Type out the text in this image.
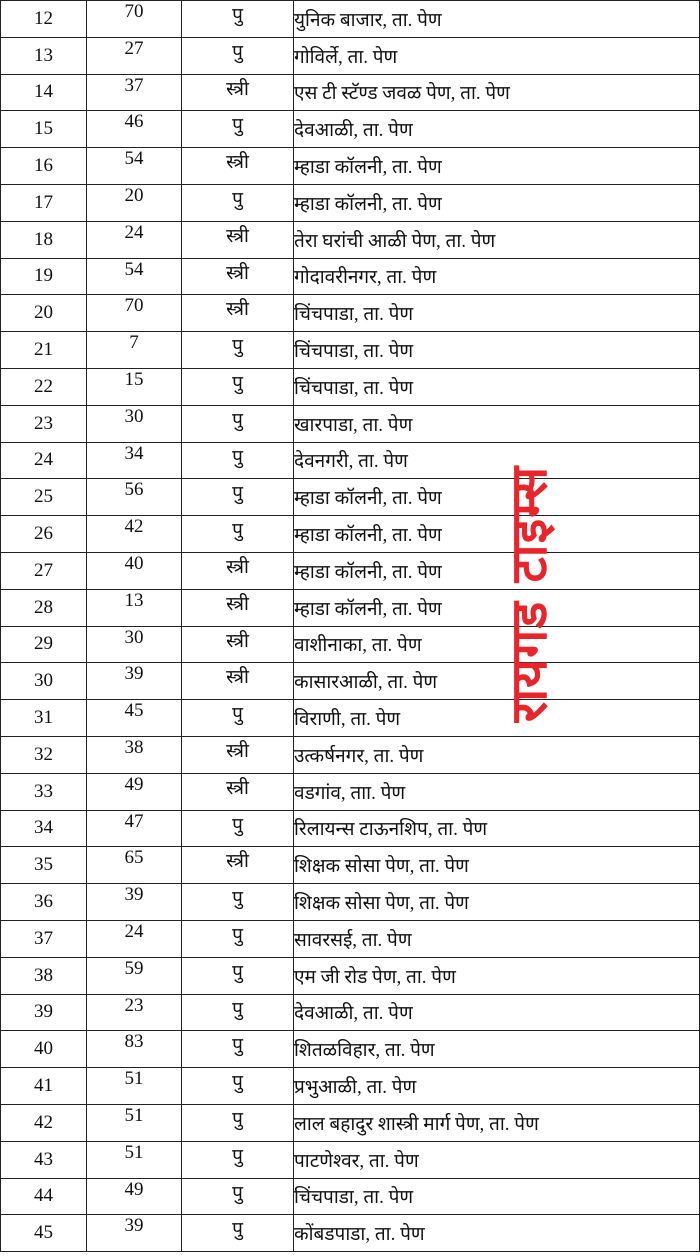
12	70	पु	युनिक बाजार, ता. पेण
13	27	पु	गोविर्ले, ता. पेण
14	37	स्त्री	एस टी स्टॅण्ड जवळ पेण, ता. पेण
15	46	पु	देवआळी, ता. पेण
16	54	स्त्री	म्हाडा कॉलनी, ता. पेण
17	20	पु	म्हाडा कॉलनी, ता. पेण
18	24	स्त्री	तेरा घरांची आळी पेण, ता. पेण
19	54	स्त्री	गोदावरीनगर, ता. पेण
20	70	स्त्री	चिंचपाडा, ता. पेण
21	7	पु	चिंचपाडा, ता. पेण
22	15	पु	चिंचपाडा, ता. पेण
23	30	पु	खारपाडा, ता. पेण
24	34	पु	देवनगरी, ता. पेण
25	56	पु	म्हाडा कॉलनी, ता. पेण
26	42	पु	म्हाडा कॉलनी, ता. पेण
27	40	स्त्री	म्हाडा कॉलनी, ता. पेण
28	13	स्त्री	म्हाडा कॉलनी, ता. पेण
29	30	स्त्री	वाशीनाका, ता. पेण
30	39	स्त्री	कासारआळी, ता. पेण
31	45	पु	विराणी, ता. पेण
32	38	स्त्री	उत्कर्षनगर, ता. पेण
33	49	स्त्री	वडगांव, ताा. पेण
34	47	पु	रिलायन्स टाऊनशिप, ता. पेण
35	65	स्त्री	शिक्षक सोसा पेण, ता. पेण
36	39	पु	शिक्षक सोसा पेण, ता. पेण
37	24	पु	सावरसई, ता. पेण
38	59	पु	एम जी रोड पेण, ता. पेण
39	23	पु	देवआळी, ता. पेण
40	83	पु	शितळविहार, ता. पेण
41	51	पु	प्रभुआळी, ता. पेण
42	51	पु	लाल बहादुर शास्त्री मार्ग पेण, ता. पेण
43	51	पु	पाटणेश्वर, ता. पेण
44	49	पु	चिंचपाडा, ता. पेण
45	39	पु	कोंबडपाडा, ता. पेण
रायगड टाइम्स
